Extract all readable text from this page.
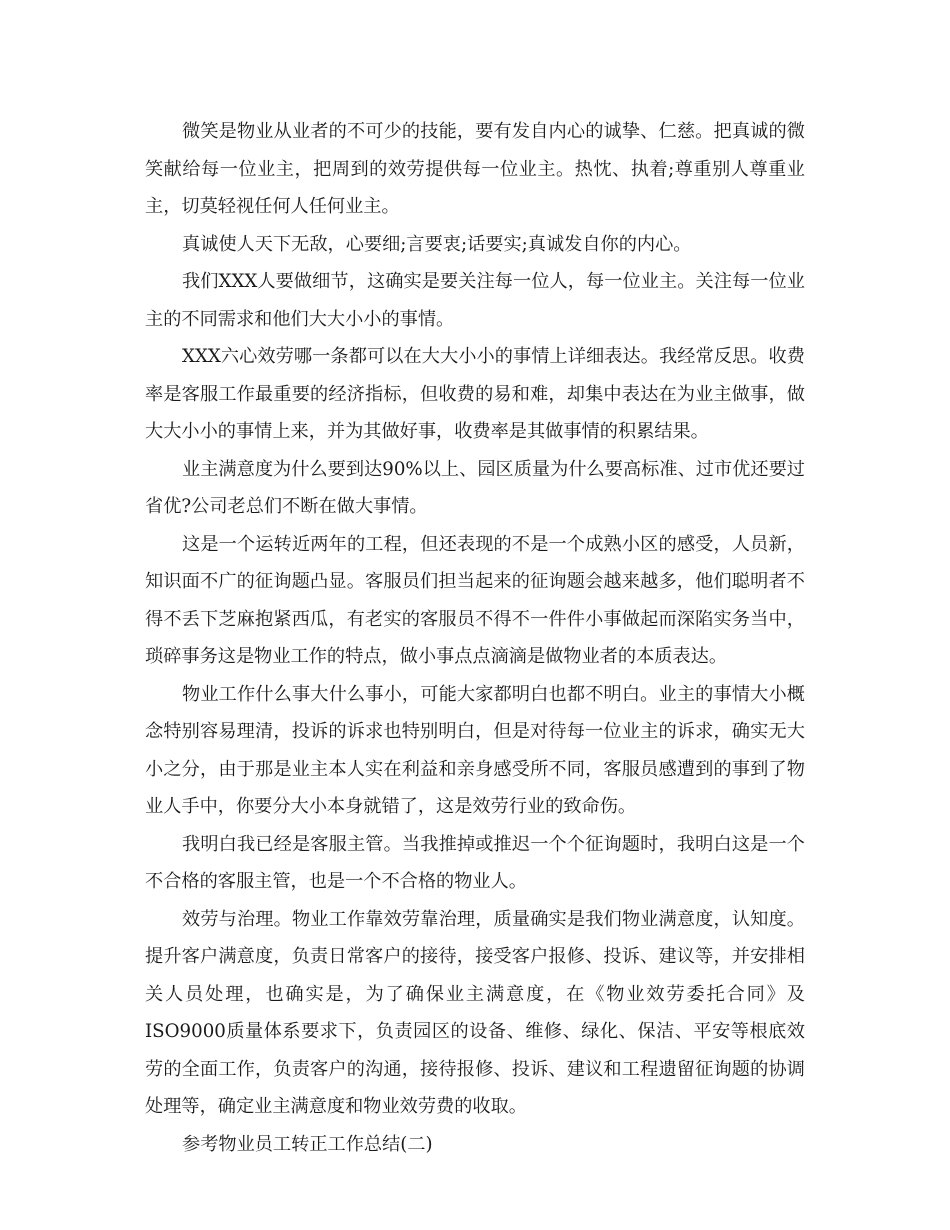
微笑是物业从业者的不可少的技能，要有发自内心的诚挚、仁慈。把真诚的微笑献给每一位业主，把周到的效劳提供每一位业主。热忱、执着;尊重别人尊重业主，切莫轻视任何人任何业主。

真诚使人天下无敌，心要细;言要衷;话要实;真诚发自你的内心。

我们XXX人要做细节，这确实是要关注每一位人，每一位业主。关注每一位业主的不同需求和他们大大小小的事情。

XXX六心效劳哪一条都可以在大大小小的事情上详细表达。我经常反思。收费率是客服工作最重要的经济指标，但收费的易和难，却集中表达在为业主做事，做大大小小的事情上来，并为其做好事，收费率是其做事情的积累结果。

业主满意度为什么要到达90%以上、园区质量为什么要高标准、过市优还要过省优?公司老总们不断在做大事情。

这是一个运转近两年的工程，但还表现的不是一个成熟小区的感受，人员新，知识面不广的征询题凸显。客服员们担当起来的征询题会越来越多，他们聪明者不得不丢下芝麻抱紧西瓜，有老实的客服员不得不一件件小事做起而深陷实务当中，琐碎事务这是物业工作的特点，做小事点点滴滴是做物业者的本质表达。

物业工作什么事大什么事小，可能大家都明白也都不明白。业主的事情大小概念特别容易理清，投诉的诉求也特别明白，但是对待每一位业主的诉求，确实无大小之分，由于那是业主本人实在利益和亲身感受所不同，客服员感遭到的事到了物业人手中，你要分大小本身就错了，这是效劳行业的致命伤。

我明白我已经是客服主管。当我推掉或推迟一个个征询题时，我明白这是一个不合格的客服主管，也是一个不合格的物业人。

效劳与治理。物业工作靠效劳靠治理，质量确实是我们物业满意度，认知度。提升客户满意度，负责日常客户的接待，接受客户报修、投诉、建议等，并安排相关人员处理，也确实是，为了确保业主满意度，在《物业效劳委托合同》及ISO9000质量体系要求下，负责园区的设备、维修、绿化、保洁、平安等根底效劳的全面工作，负责客户的沟通，接待报修、投诉、建议和工程遗留征询题的协调处理等，确定业主满意度和物业效劳费的收取。

参考物业员工转正工作总结(二)
